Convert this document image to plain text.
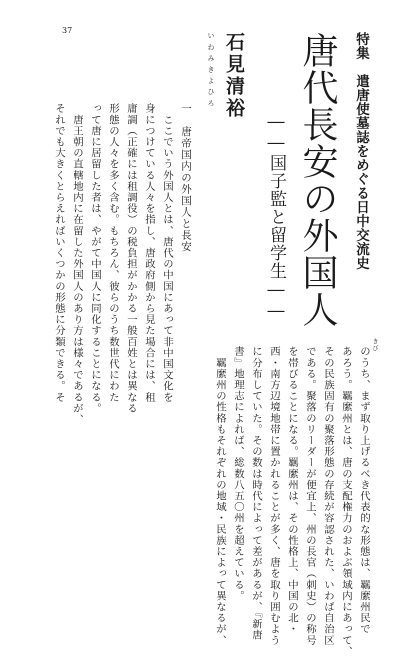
37
特集　遣唐使墓誌をめぐる日中交流史
唐代長安の外国人
――国子監と留学生――
石見清裕
いわみきよひろ
一　唐帝国内の外国人と長安
　ここでいう外国人とは、唐代の中国にあって非中国文化を
身につけている人々を指し、唐政府側から見た場合には、租
庸調（正確には租調役）の税負担がかかる一般百姓とは異なる
形態の人々を多く含む。もちろん、彼らのうち数世代にわた
って唐に居留した者は、やがて中国人に同化することになる。
　唐王朝の直轄地内に在留した外国人のあり方は様々であるが、
それでも大きくとらえればいくつかの形態に分類できる。そ	きび
のうち、まず取り上げるべき代表的な形態は、羈縻州民で
あろう。羈縻州とは、唐の支配権力のおよぶ領域内にあって、
その民族固有の聚落形態の存続が容認された、いわば自治区
である。聚落のリーダーが便宜上、州の長官（刺史）の称号
を帯びることになる。羈縻州は、その性格上、中国の北・
西・南方辺境地帯に置かれることが多く、唐を取り囲むよう
に分布していた。その数は時代によって差があるが、『新唐
書』地理志によれば、総数八五〇州を超えている。
　羈縻州の性格もそれぞれの地域・民族によって異なるが、
